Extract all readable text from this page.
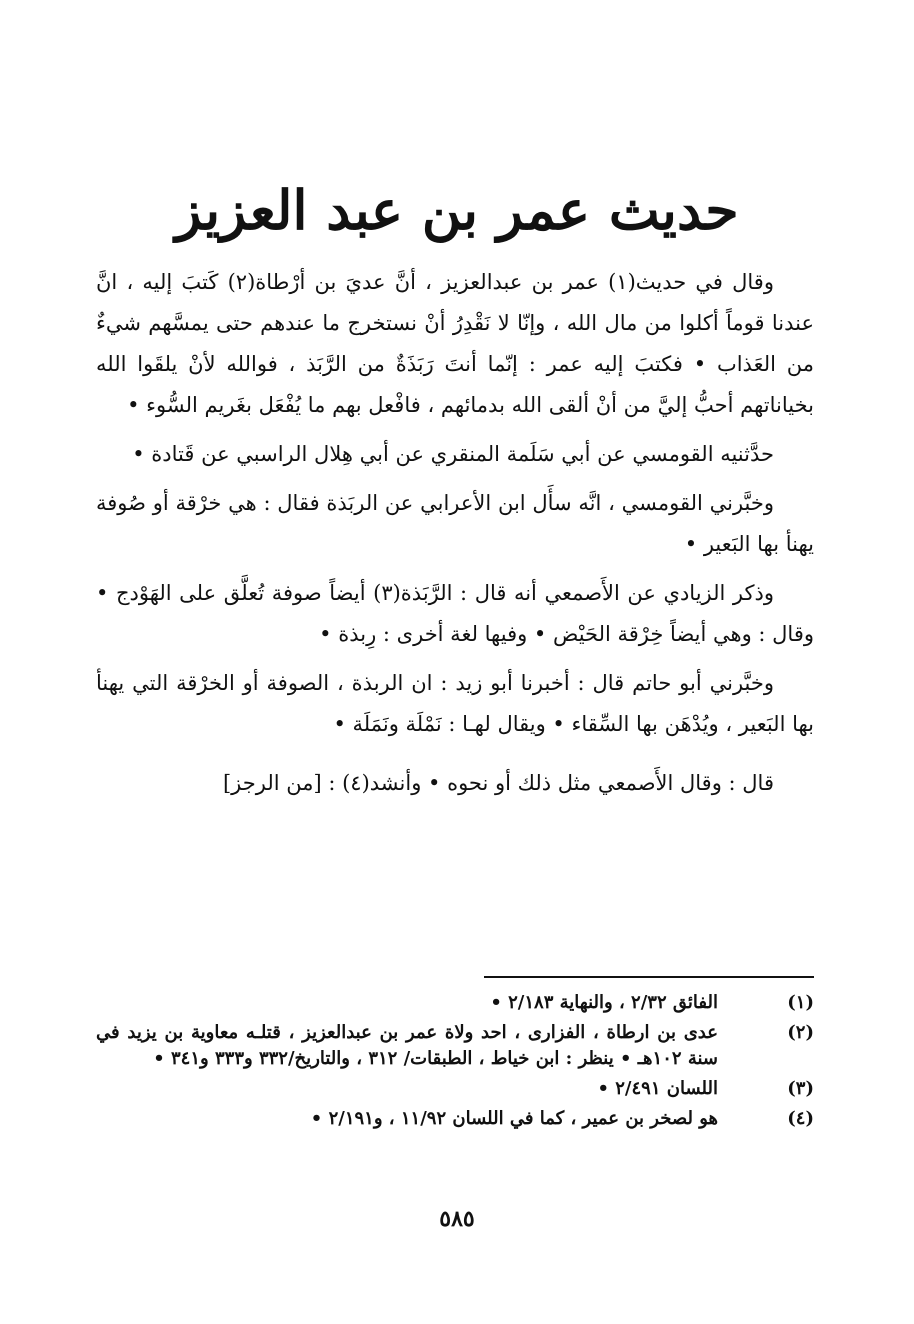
حديث عمر بن عبد العزيز

وقال في حديث(١) عمر بن عبدالعزيز ، أنَّ عديَ بن أرْطاة(٢) كَتبَ إليه ، انَّ عندنا قوماً أكلوا من مال الله ، وإنّا لا نَقْدِرُ أنْ نستخرج ما عندهم حتى يمسَّهم شيءٌ من العَذاب • فكتبَ إليه عمر : إنّما أنتَ رَبَذَةٌ من الرَّبَذ ، فوالله لأنْ يلقَوا الله بخياناتهم أحبُّ إليَّ من أنْ ألقى الله بدمائهم ، فافْعل بهم ما يُفْعَل بغَريم السُّوء •

حدَّثنيه القومسي عن أبي سَلَمة المنقري عن أبي هِلال الراسبي عن قَتادة •

وخبَّرني القومسي ، انَّه سأَل ابن الأعرابي عن الربَذة فقال : هي خرْقة أو صُوفة يهنأ بها البَعير •

وذكر الزيادي عن الأَصمعي أنه قال : الرَّبَذة(٣) أيضاً صوفة تُعلَّق على الهَوْدج • وقال : وهي أيضاً خِرْقة الحَيْض • وفيها لغة أخرى : رِبذة •

وخبَّرني أبو حاتم قال : أخبرنا أبو زيد : ان الربذة ، الصوفة أو الخرْقة التي يهنأ بها البَعير ، ويُدْهَن بها السِّقاء • ويقال لهـا : نَمْلَة ونَمَلَة •

قال : وقال الأَصمعي مثل ذلك أو نحوه • وأنشد(٤) : [من الرجز]

(١)
الفائق ٢/٣٢ ، والنهاية ٢/١٨٣ •
(٢)
عدى بن ارطاة ، الفزارى ، احد ولاة عمر بن عبدالعزيز ، قتلـه معاوية بن يزيد في سنة ١٠٢هـ • ينظر : ابن خياط ، الطبقات/ ٣١٢ ، والتاريخ/٣٣٢ و٣٣٣ و٣٤١ •
(٣)
اللسان ٢/٤٩١ •
(٤)
هو لصخر بن عمير ، كما في اللسان ١١/٩٢ ، و٢/١٩١ •
٥٨٥
